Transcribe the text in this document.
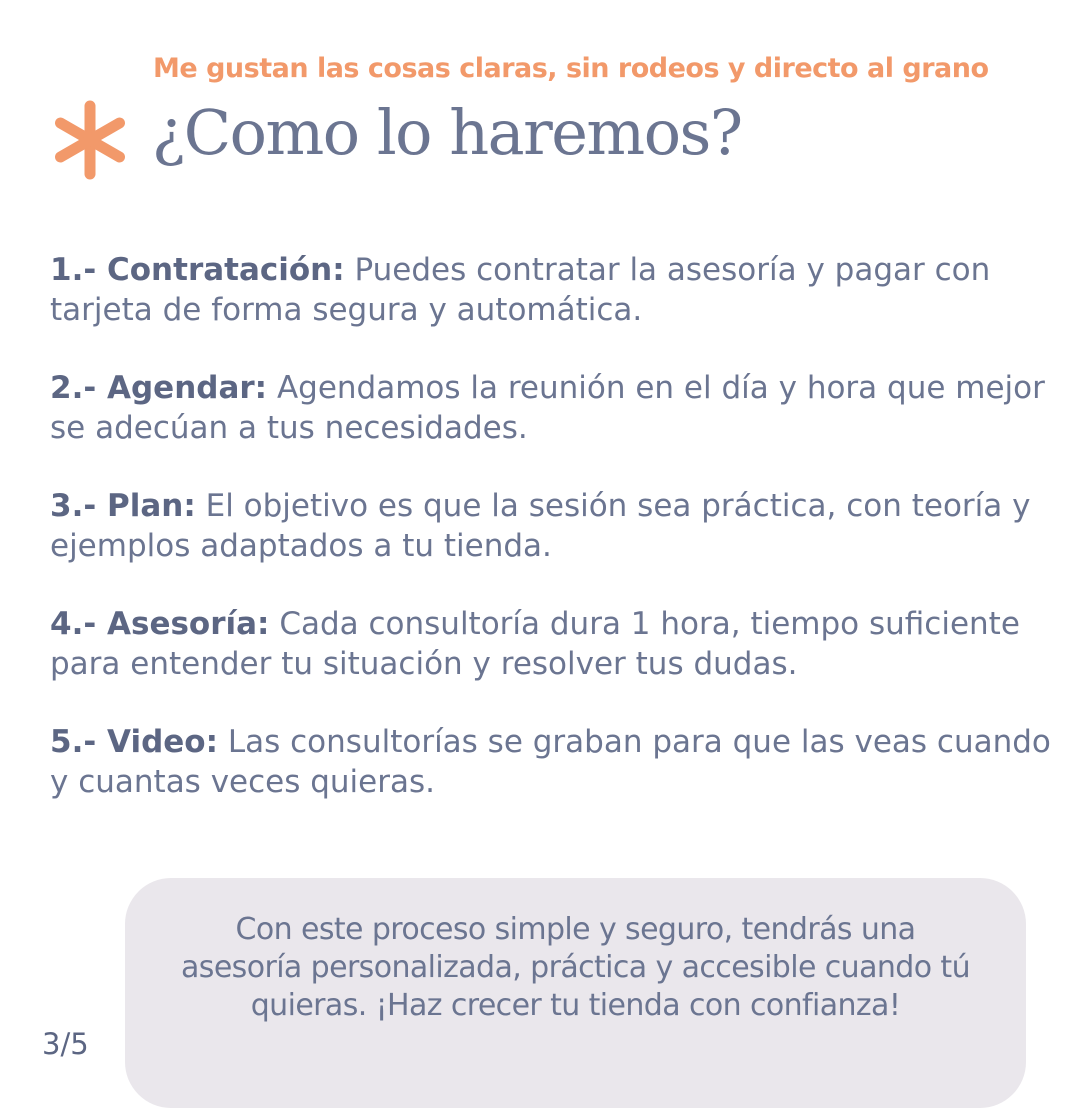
Me gustan las cosas claras, sin rodeos y directo al grano
¿Como lo haremos?

1.- Contratación: Puedes contratar la asesoría y pagar con tarjeta de forma segura y automática.

2.- Agendar: Agendamos la reunión en el día y hora que mejor se adecúan a tus necesidades.

3.- Plan: El objetivo es que la sesión sea práctica, con teoría y ejemplos adaptados a tu tienda.

4.- Asesoría: Cada consultoría dura 1 hora, tiempo suficiente para entender tu situación y resolver tus dudas.

5.- Video: Las consultorías se graban para que las veas cuando y cuantas veces quieras.

Con este proceso simple y seguro, tendrás una
asesoría personalizada, práctica y accesible cuando tú
quieras. ¡Haz crecer tu tienda con confianza!
3/5
